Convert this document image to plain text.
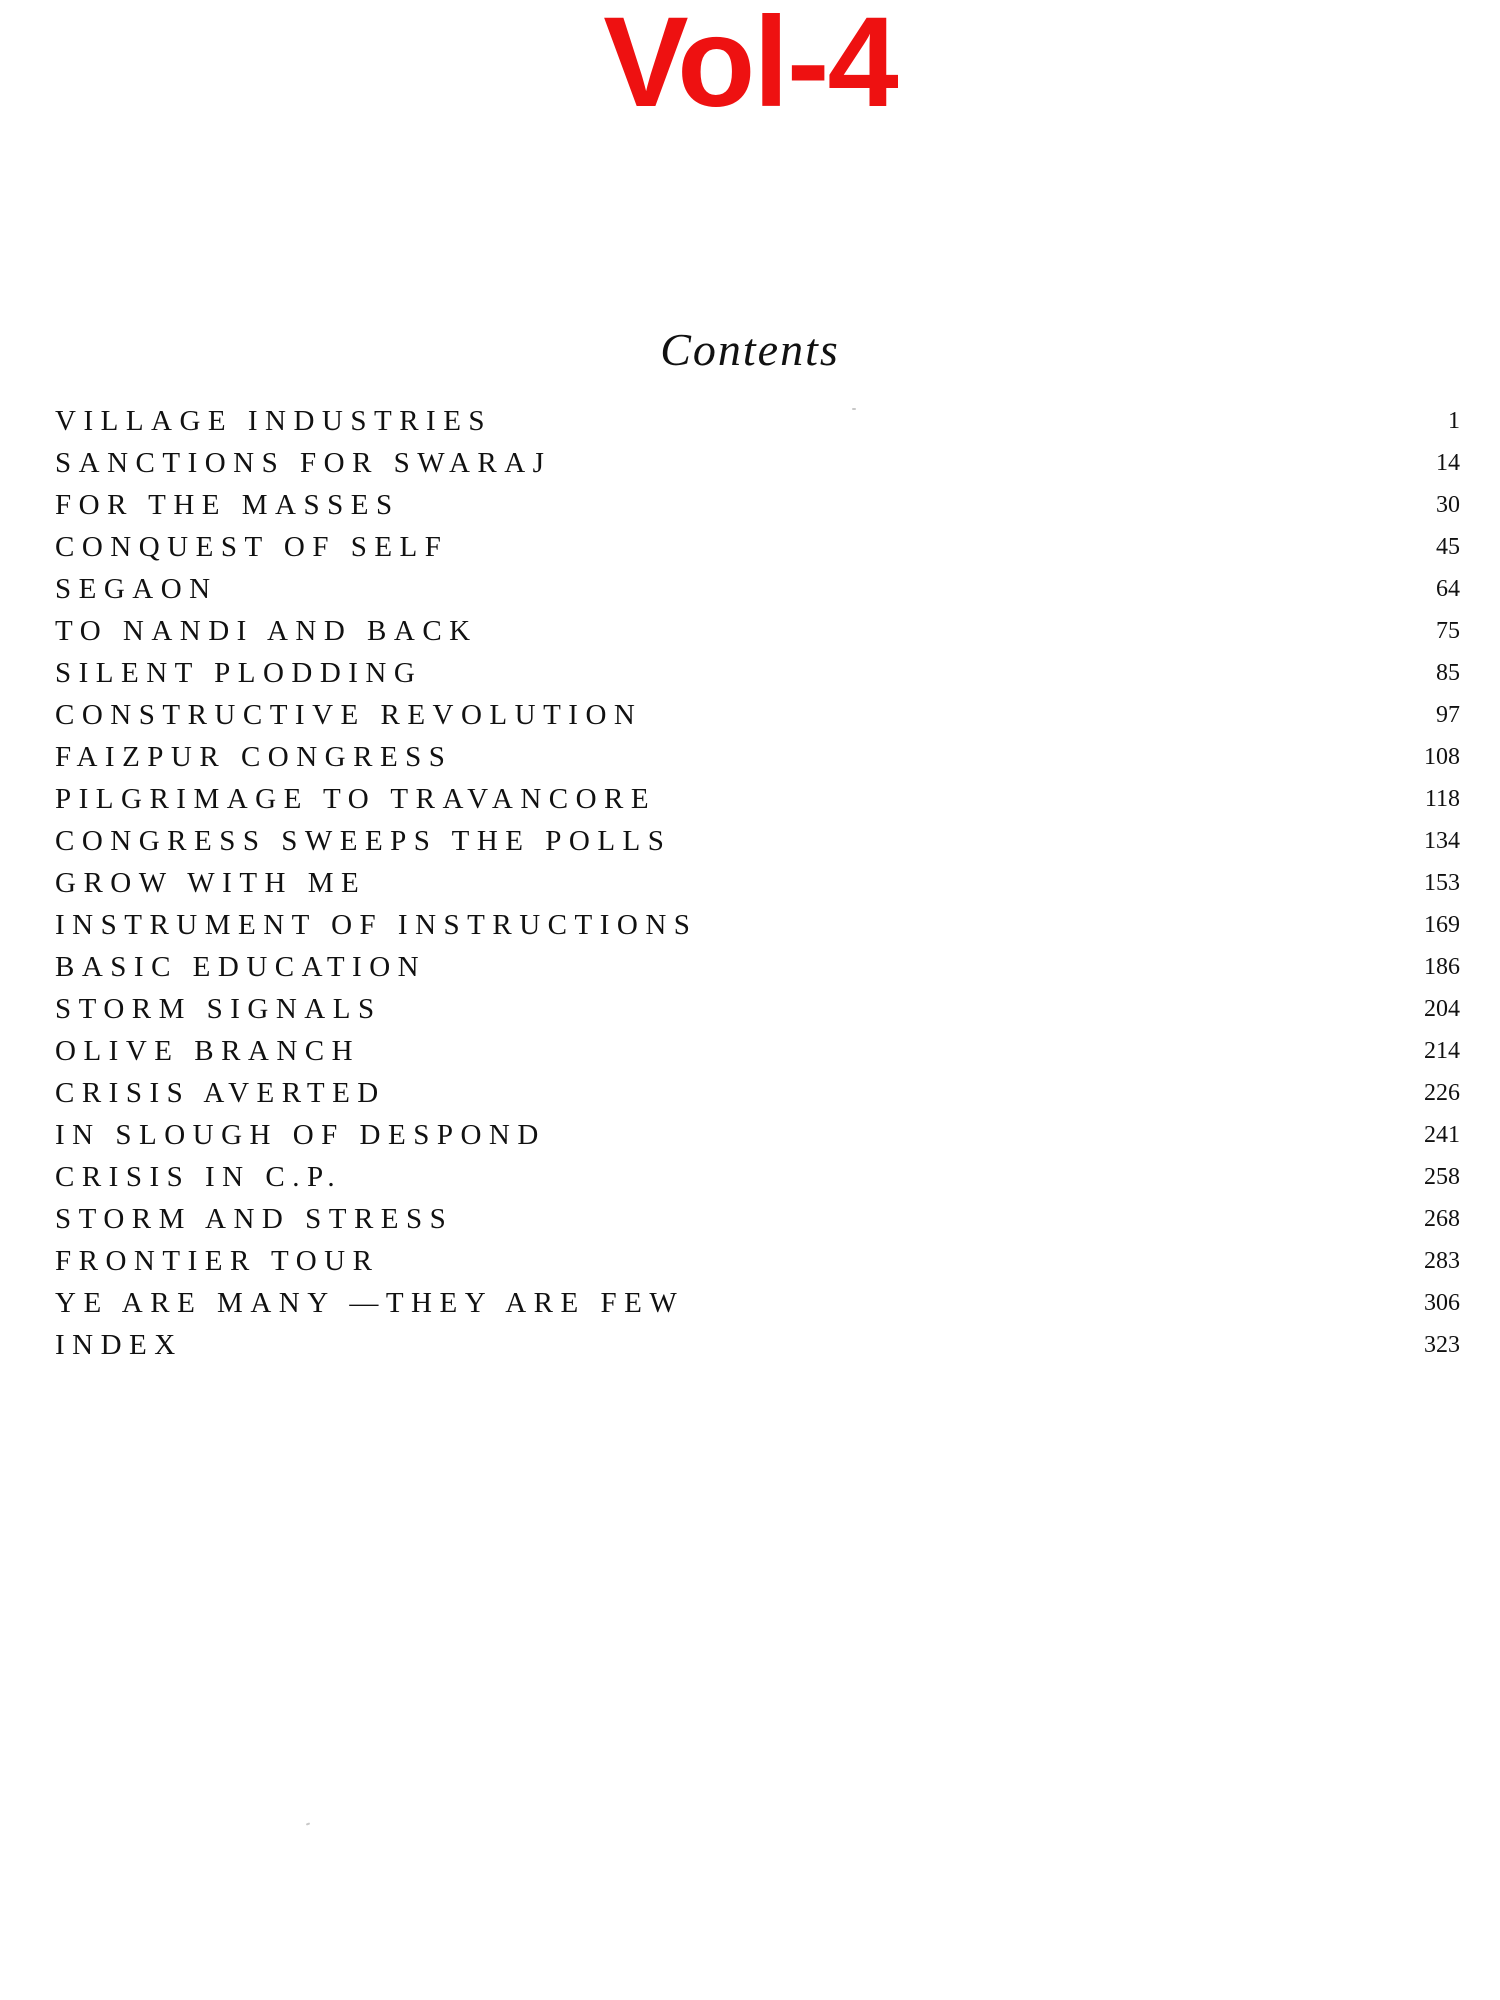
Vol-4
Contents
VILLAGE INDUSTRIES	1
SANCTIONS FOR SWARAJ	14
FOR THE MASSES	30
CONQUEST OF SELF	45
SEGAON	64
TO NANDI AND BACK	75
SILENT PLODDING	85
CONSTRUCTIVE REVOLUTION	97
FAIZPUR CONGRESS	108
PILGRIMAGE TO TRAVANCORE	118
CONGRESS SWEEPS THE POLLS	134
GROW WITH ME	153
INSTRUMENT OF INSTRUCTIONS	169
BASIC EDUCATION	186
STORM SIGNALS	204
OLIVE BRANCH	214
CRISIS AVERTED	226
IN SLOUGH OF DESPOND	241
CRISIS IN C.P.	258
STORM AND STRESS	268
FRONTIER TOUR	283
YE ARE MANY —THEY ARE FEW	306
INDEX	323
